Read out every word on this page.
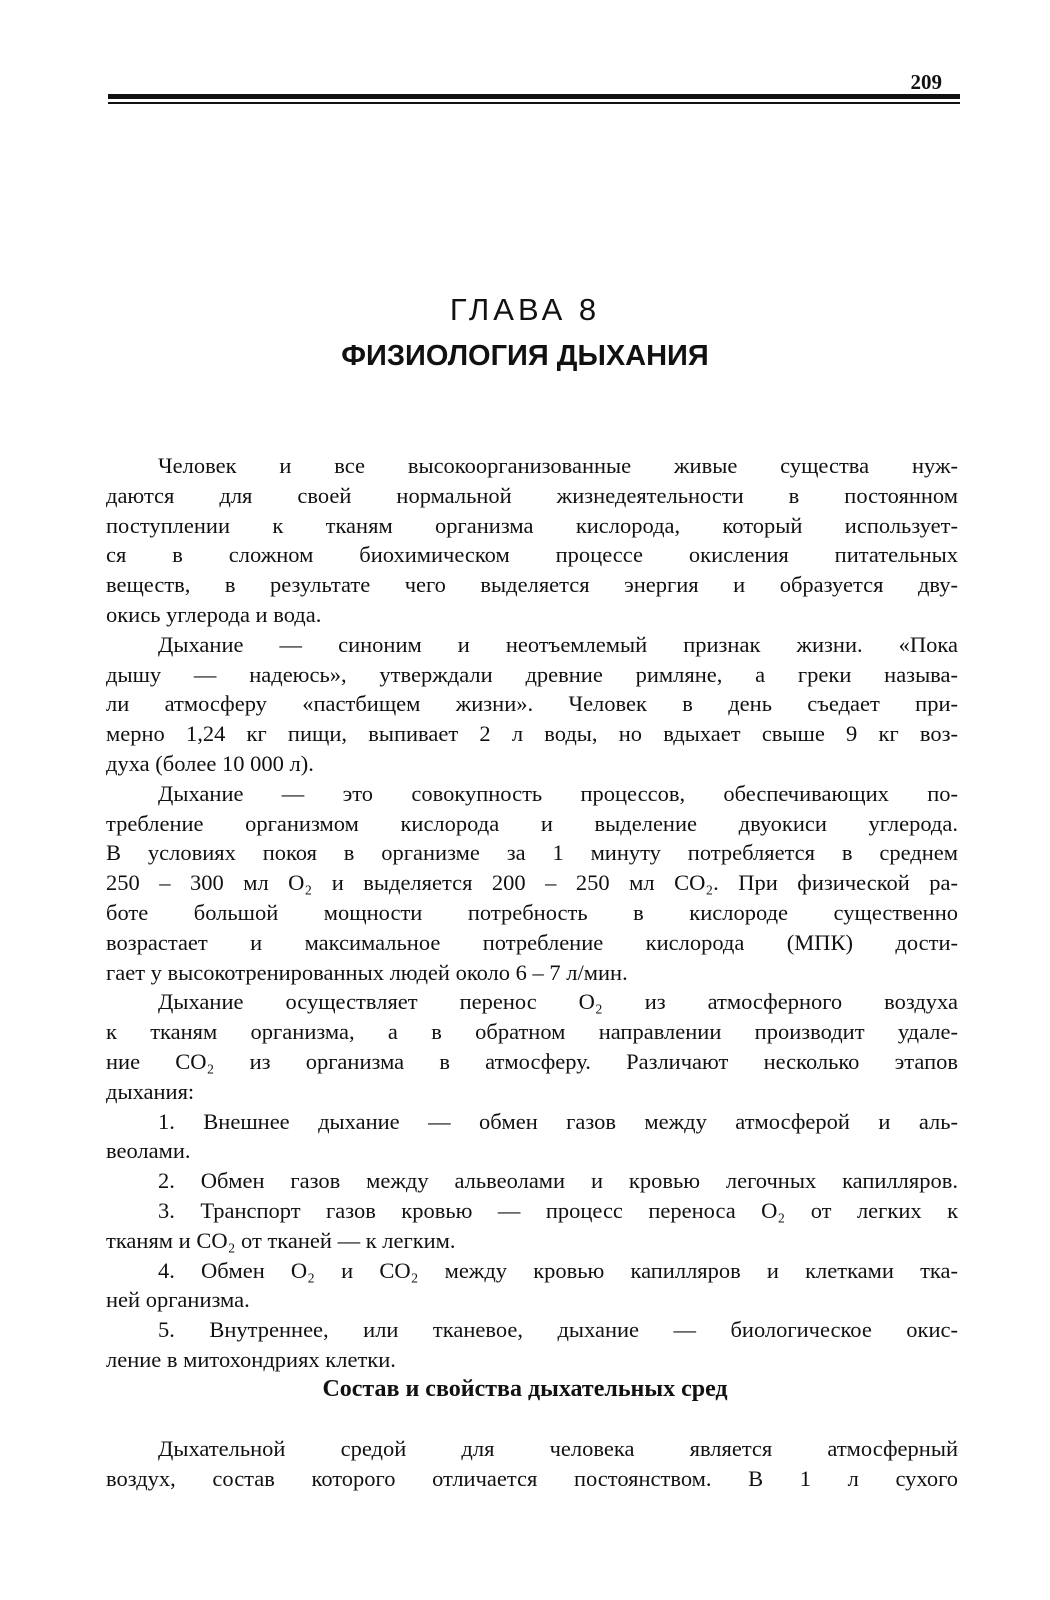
209
ГЛАВА 8
ФИЗИОЛОГИЯ ДЫХАНИЯ
Человек и все высокоорганизованные живые существа нуж-
даются для своей нормальной жизнедеятельности в постоянном
поступлении к тканям организма кислорода, который использует-
ся в сложном биохимическом процессе окисления питательных
веществ, в результате чего выделяется энергия и образуется дву-
окись углерода и вода.
Дыхание — синоним и неотъемлемый признак жизни. «Пока
дышу — надеюсь», утверждали древние римляне, а греки называ-
ли атмосферу «пастбищем жизни». Человек в день съедает при-
мерно 1,24 кг пищи, выпивает 2 л воды, но вдыхает свыше 9 кг воз-
духа (более 10 000 л).
Дыхание — это совокупность процессов, обеспечивающих по-
требление организмом кислорода и выделение двуокиси углерода.
В условиях покоя в организме за 1 минуту потребляется в среднем
250 – 300 мл O₂ и выделяется 200 – 250 мл CO₂. При физической ра-
боте большой мощности потребность в кислороде существенно
возрастает и максимальное потребление кислорода (МПК) дости-
гает у высокотренированных людей около 6 – 7 л/мин.
Дыхание осуществляет перенос O₂ из атмосферного воздуха
к тканям организма, а в обратном направлении производит удале-
ние CO₂ из организма в атмосферу. Различают несколько этапов
дыхания:
1. Внешнее дыхание — обмен газов между атмосферой и аль-
веолами.
2. Обмен газов между альвеолами и кровью легочных капилляров.
3. Транспорт газов кровью — процесс переноса O₂ от легких к
тканям и CO₂ от тканей — к легким.
4. Обмен O₂ и CO₂ между кровью капилляров и клетками тка-
ней организма.
5. Внутреннее, или тканевое, дыхание — биологическое окис-
ление в митохондриях клетки.
Состав и свойства дыхательных сред
Дыхательной средой для человека является атмосферный
воздух, состав которого отличается постоянством. В 1 л сухого
